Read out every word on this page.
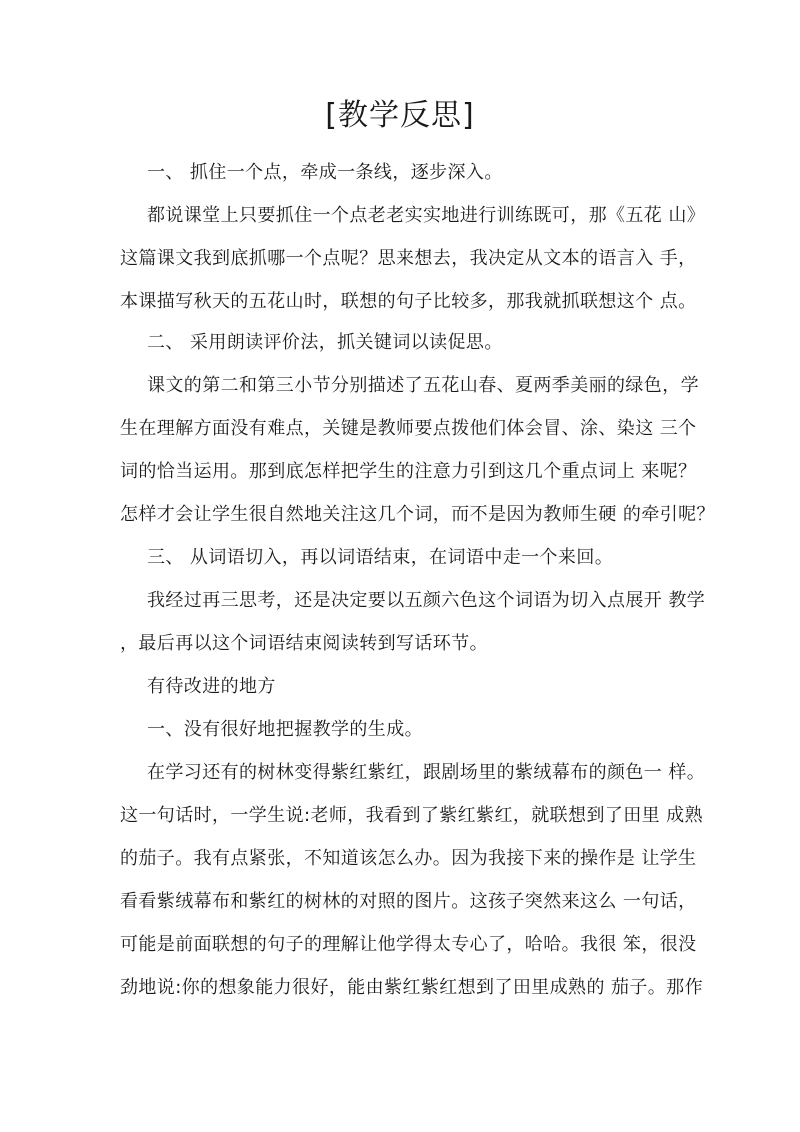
[教学反思]
一、 抓住一个点，牵成一条线，逐步深入。
都说课堂上只要抓住一个点老老实实地进行训练既可，那《五花 山》
这篇课文我到底抓哪一个点呢？思来想去，我决定从文本的语言入 手，
本课描写秋天的五花山时，联想的句子比较多，那我就抓联想这个 点。
二、 采用朗读评价法，抓关键词以读促思。
课文的第二和第三小节分别描述了五花山春、夏两季美丽的绿色，学
生在理解方面没有难点，关键是教师要点拨他们体会冒、涂、染这 三个
词的恰当运用。那到底怎样把学生的注意力引到这几个重点词上 来呢？
怎样才会让学生很自然地关注这几个词，而不是因为教师生硬 的牵引呢？
三、 从词语切入，再以词语结束，在词语中走一个来回。
我经过再三思考，还是决定要以五颜六色这个词语为切入点展开 教学
，最后再以这个词语结束阅读转到写话环节。
有待改进的地方
一、没有很好地把握教学的生成。
在学习还有的树林变得紫红紫红，跟剧场里的紫绒幕布的颜色一 样。
这一句话时，一学生说:老师，我看到了紫红紫红，就联想到了田里 成熟
的茄子。我有点紧张，不知道该怎么办。因为我接下来的操作是 让学生
看看紫绒幕布和紫红的树林的对照的图片。这孩子突然来这么 一句话，
可能是前面联想的句子的理解让他学得太专心了，哈哈。我很 笨，很没
劲地说:你的想象能力很好，能由紫红紫红想到了田里成熟的 茄子。那作
